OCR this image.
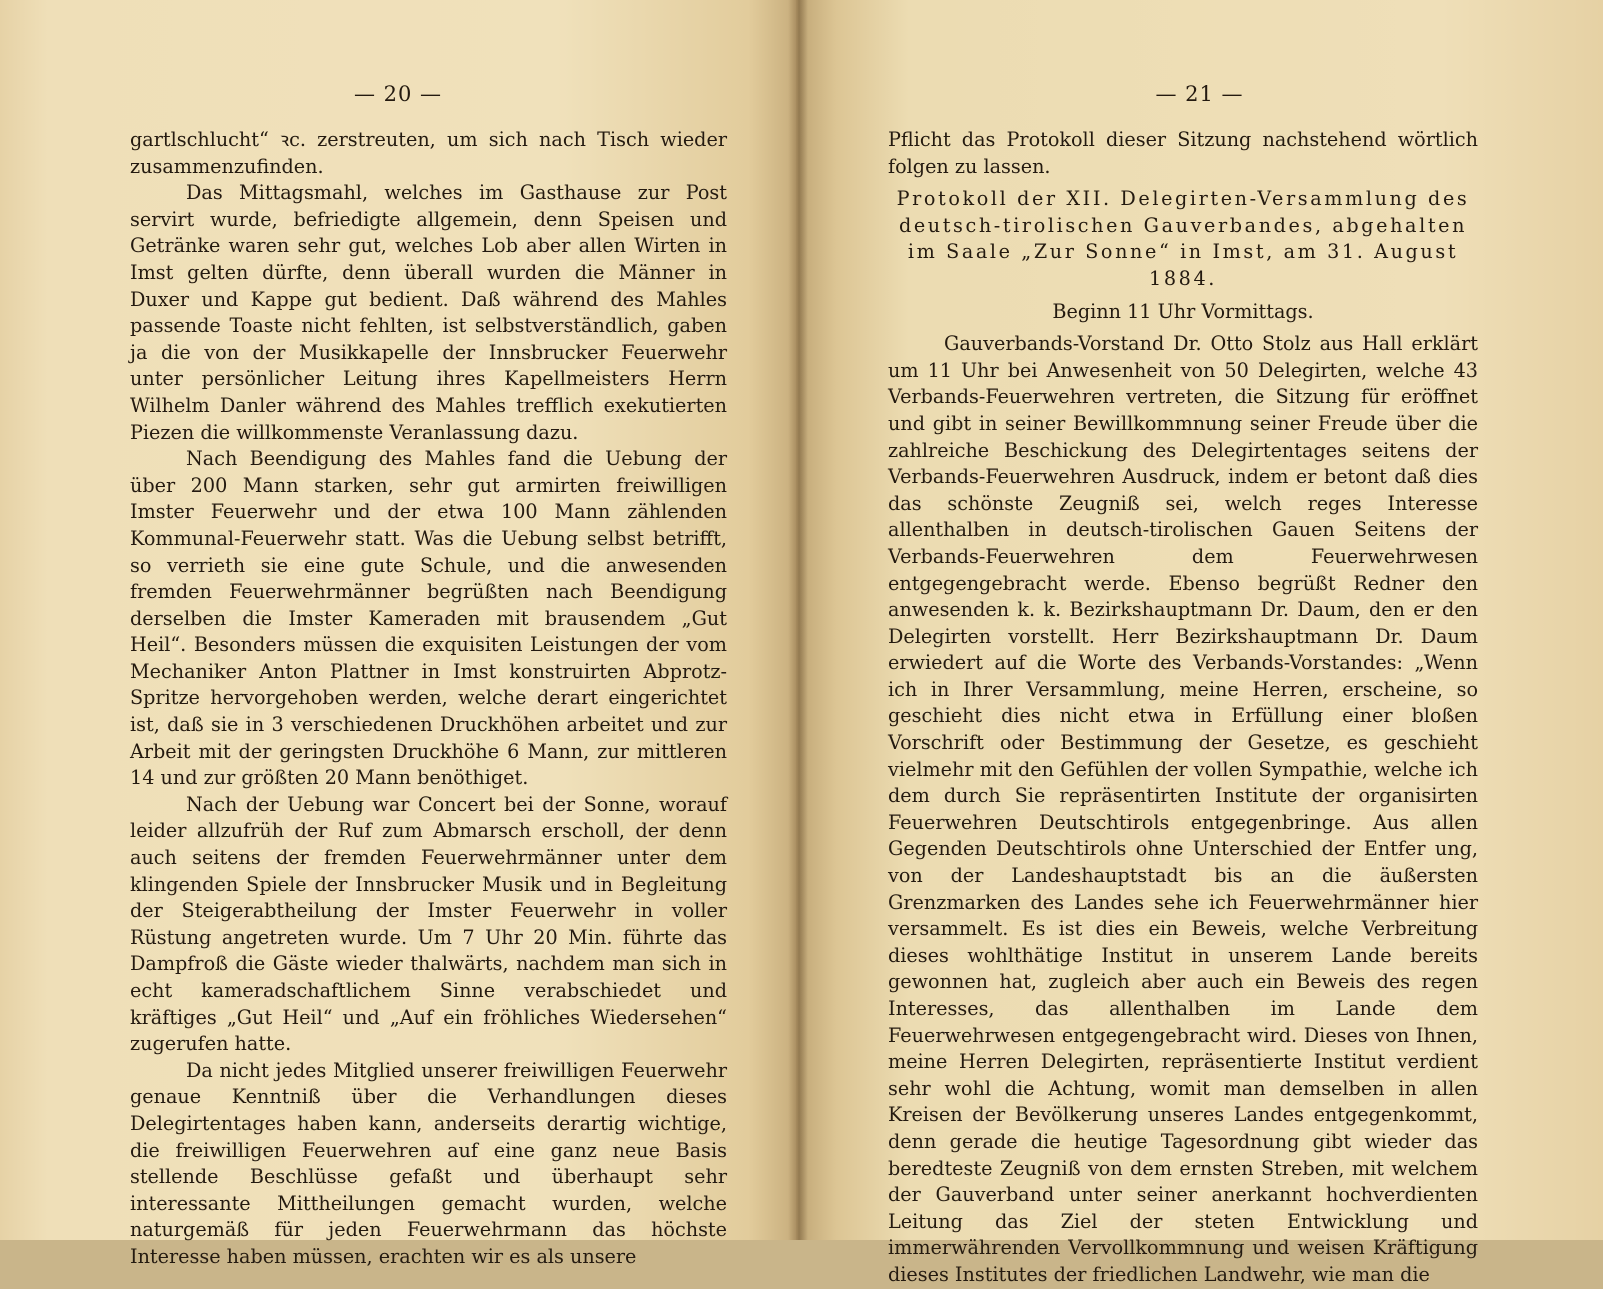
— 20 —

gartlschlucht“ ꝛc. zerstreuten, um sich nach Tisch wieder zusammenzufinden.

Das Mittagsmahl, welches im Gasthause zur Post servirt wurde, befriedigte allgemein, denn Speisen und Getränke waren sehr gut, welches Lob aber allen Wirten in Imst gelten dürfte, denn überall wurden die Männer in Duxer und Kappe gut bedient. Daß während des Mahles passende Toaste nicht fehlten, ist selbstverständlich, gaben ja die von der Musikkapelle der Innsbrucker Feuerwehr unter persönlicher Leitung ihres Kapellmeisters Herrn Wilhelm Danler während des Mahles trefflich exekutierten Piezen die willkommenste Veranlassung dazu.

Nach Beendigung des Mahles fand die Uebung der über 200 Mann starken, sehr gut armirten freiwilligen Imster Feuerwehr und der etwa 100 Mann zählenden Kommunal-Feuerwehr statt. Was die Uebung selbst betrifft, so verrieth sie eine gute Schule, und die anwesenden fremden Feuerwehrmänner begrüßten nach Beendigung derselben die Imster Kameraden mit brausendem „Gut Heil“. Besonders müssen die exquisiten Leistungen der vom Mechaniker Anton Plattner in Imst konstruirten Abprotz-Spritze hervorgehoben werden, welche derart eingerichtet ist, daß sie in 3 verschiedenen Druckhöhen arbeitet und zur Arbeit mit der geringsten Druckhöhe 6 Mann, zur mittleren 14 und zur größten 20 Mann benöthiget.

Nach der Uebung war Concert bei der Sonne, worauf leider allzufrüh der Ruf zum Abmarsch erscholl, der denn auch seitens der fremden Feuerwehrmänner unter dem klingenden Spiele der Innsbrucker Musik und in Begleitung der Steigerabtheilung der Imster Feuerwehr in voller Rüstung angetreten wurde. Um 7 Uhr 20 Min. führte das Dampfroß die Gäste wieder thalwärts, nachdem man sich in echt kameradschaftlichem Sinne verabschiedet und kräftiges „Gut Heil“ und „Auf ein fröhliches Wiedersehen“ zugerufen hatte.

Da nicht jedes Mitglied unserer freiwilligen Feuerwehr genaue Kenntniß über die Verhandlungen dieses Delegirtentages haben kann, anderseits derartig wichtige, die freiwilligen Feuerwehren auf eine ganz neue Basis stellende Beschlüsse gefaßt und überhaupt sehr interessante Mittheilungen gemacht wurden, welche naturgemäß für jeden Feuerwehrmann das höchste Interesse haben müssen, erachten wir es als unsere

— 21 —

Pflicht das Protokoll dieser Sitzung nachstehend wörtlich folgen zu lassen.

Protokoll der XII. Delegirten-Versammlung des deutsch-tirolischen Gauverbandes, abgehalten im Saale „Zur Sonne“ in Imst, am 31. August 1884.

Beginn 11 Uhr Vormittags.

Gauverbands-Vorstand Dr. Otto Stolz aus Hall erklärt um 11 Uhr bei Anwesenheit von 50 Delegirten, welche 43 Verbands-Feuerwehren vertreten, die Sitzung für eröffnet und gibt in seiner Bewillkommnung seiner Freude über die zahlreiche Beschickung des Delegirtentages seitens der Verbands-Feuerwehren Ausdruck, indem er betont daß dies das schönste Zeugniß sei, welch reges Interesse allenthalben in deutsch-tirolischen Gauen Seitens der Verbands-Feuerwehren dem Feuerwehrwesen entgegengebracht werde. Ebenso begrüßt Redner den anwesenden k. k. Bezirkshauptmann Dr. Daum, den er den Delegirten vorstellt. Herr Bezirkshauptmann Dr. Daum erwiedert auf die Worte des Verbands-Vorstandes: „Wenn ich in Ihrer Versammlung, meine Herren, erscheine, so geschieht dies nicht etwa in Erfüllung einer bloßen Vorschrift oder Bestimmung der Gesetze, es geschieht vielmehr mit den Gefühlen der vollen Sympathie, welche ich dem durch Sie repräsentirten Institute der organisirten Feuerwehren Deutschtirols entgegenbringe. Aus allen Gegenden Deutschtirols ohne Unterschied der Entfer ung, von der Landeshauptstadt bis an die äußersten Grenzmarken des Landes sehe ich Feuerwehrmänner hier versammelt. Es ist dies ein Beweis, welche Verbreitung dieses wohlthätige Institut in unserem Lande bereits gewonnen hat, zugleich aber auch ein Beweis des regen Interesses, das allenthalben im Lande dem Feuerwehrwesen entgegengebracht wird. Dieses von Ihnen, meine Herren Delegirten, repräsentierte Institut verdient sehr wohl die Achtung, womit man demselben in allen Kreisen der Bevölkerung unseres Landes entgegenkommt, denn gerade die heutige Tagesordnung gibt wieder das beredteste Zeugniß von dem ernsten Streben, mit welchem der Gauverband unter seiner anerkannt hochverdienten Leitung das Ziel der steten Entwicklung und immerwährenden Vervollkommnung und weisen Kräftigung dieses Institutes der friedlichen Landwehr, wie man die
